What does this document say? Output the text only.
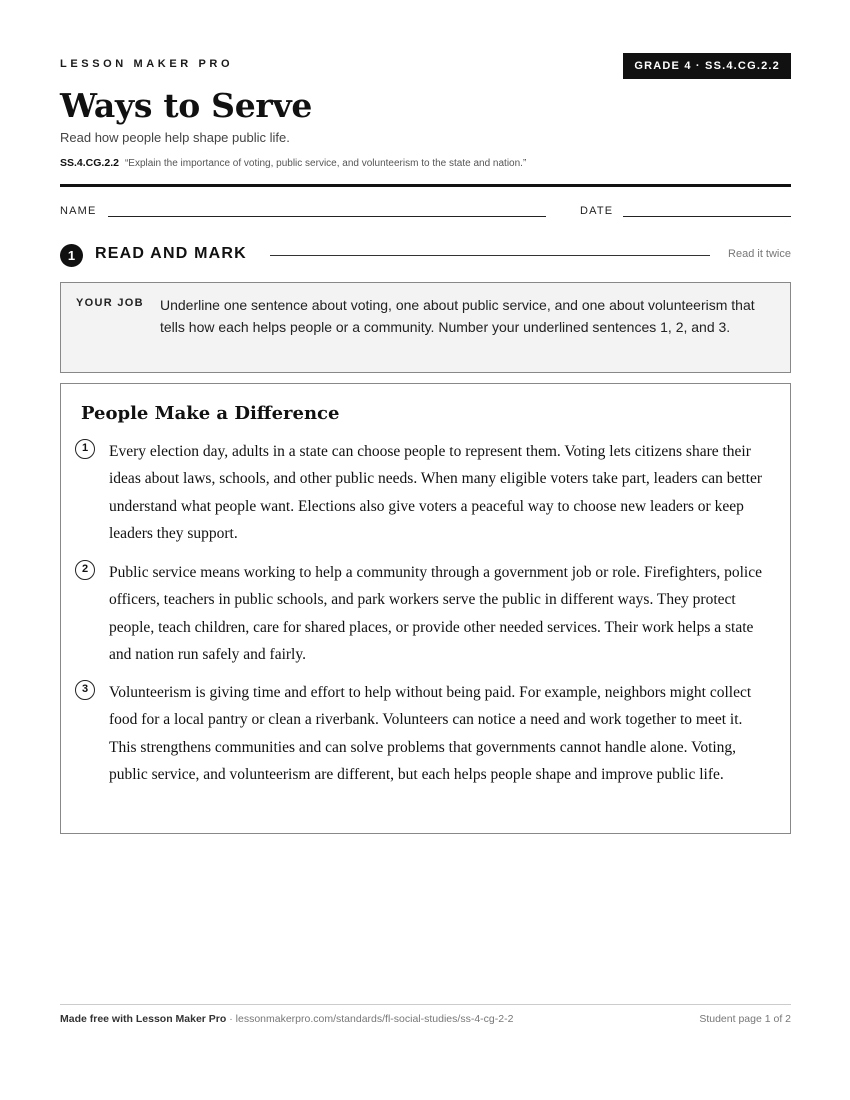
LESSON MAKER PRO	GRADE 4 · SS.4.CG.2.2
Ways to Serve
Read how people help shape public life.
SS.4.CG.2.2 “Explain the importance of voting, public service, and volunteerism to the state and nation.”
NAME	DATE
1	READ AND MARK	Read it twice
YOUR JOB Underline one sentence about voting, one about public service, and one about volunteerism that tells how each helps people or a community. Number your underlined sentences 1, 2, and 3.
People Make a Difference
1	Every election day, adults in a state can choose people to represent them. Voting lets citizens share their ideas about laws, schools, and other public needs. When many eligible voters take part, leaders can better understand what people want. Elections also give voters a peaceful way to choose new leaders or keep leaders they support.
2	Public service means working to help a community through a government job or role. Firefighters, police officers, teachers in public schools, and park workers serve the public in different ways. They protect people, teach children, care for shared places, or provide other needed services. Their work helps a state and nation run safely and fairly.
3	Volunteerism is giving time and effort to help without being paid. For example, neighbors might collect food for a local pantry or clean a riverbank. Volunteers can notice a need and work together to meet it. This strengthens communities and can solve problems that governments cannot handle alone. Voting, public service, and volunteerism are different, but each helps people shape and improve public life.
Made free with Lesson Maker Pro · lessonmakerpro.com/standards/fl-social-studies/ss-4-cg-2-2	Student page 1 of 2
